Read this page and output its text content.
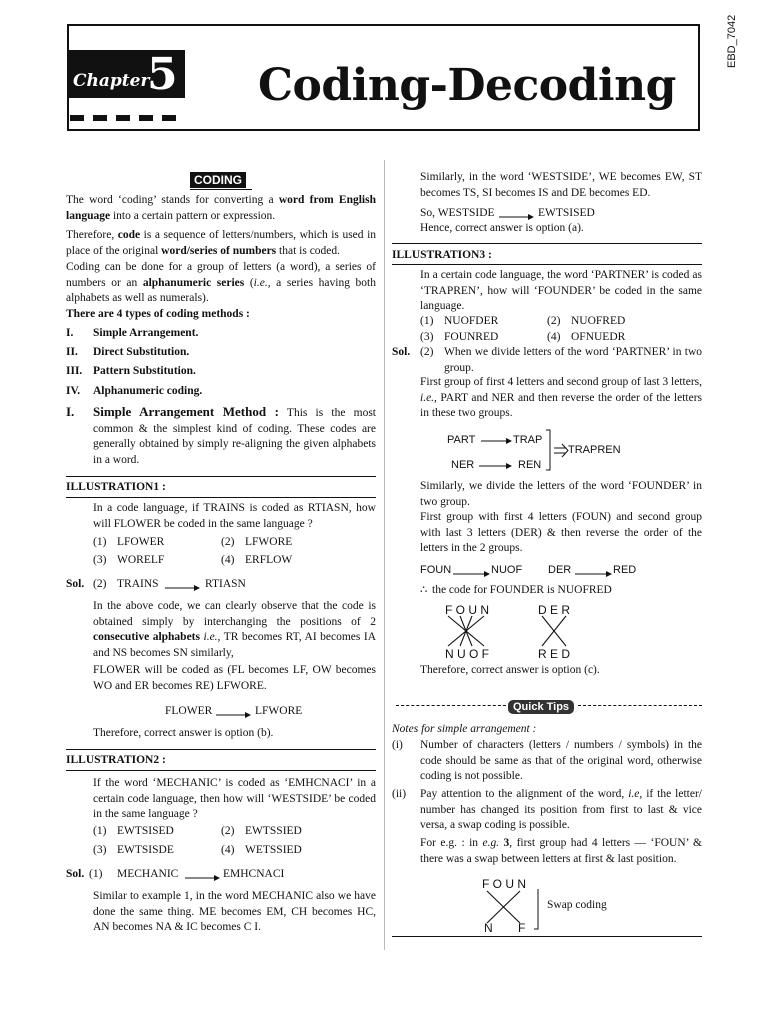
EBD_7042
Chapter
5 Coding-Decoding
CODING
The word ‘coding’ stands for converting a word from English language into a certain pattern or expression.
Therefore, code is a sequence of letters/numbers, which is used in place of the original word/series of numbers that is coded.
Coding can be done for a group of letters (a word), a series of numbers or an alphanumeric series (i.e., a series having both alphabets as well as numerals).
There are 4 types of coding methods :
I. Simple Arrangement.
II. Direct Substitution.
III. Pattern Substitution.
IV. Alphanumeric coding.
I. Simple Arrangement Method : This is the most common & the simplest kind of coding. These codes are generally obtained by simply re-aligning the given alphabets in a word.
ILLUSTRATION1 :
In a code language, if TRAINS is coded as RTIASN, how will FLOWER be coded in the same language ?
(1) LFOWER	(2) LFWORE
(3) WORELF	(4) ERFLOW
Sol. (2) TRAINS	RTIASN
In the above code, we can clearly observe that the code is obtained simply by interchanging the positions of 2 consecutive alphabets i.e., TR becomes RT, AI becomes IA and NS becomes SN similarly,
FLOWER will be coded as (FL becomes LF, OW becomes WO and ER becomes RE) LFWORE.
FLOWER	LFWORE
Therefore, correct answer is option (b).
ILLUSTRATION2 :
If the word ‘MECHANIC’ is coded as ‘EMHCNACI’ in a certain code language, then how will ‘WESTSIDE’ be coded in the same language ?
(1) EWTSISED	(2) EWTSSIED
(3) EWTSISDE	(4) WETSSIED
Sol. (1) MECHANIC	EMHCNACI
Similar to example 1, in the word MECHANIC also we have done the same thing. ME becomes EM, CH becomes HC, AN becomes NA & IC becomes C I.
Similarly, in the word ‘WESTSIDE’, WE becomes EW, ST becomes TS, SI becomes IS and DE becomes ED.
So, WESTSIDE	EWTSISED
Hence, correct answer is option (a).
ILLUSTRATION3 :
In a certain code language, the word ‘PARTNER’ is coded as ‘TRAPREN’, how will ‘FOUNDER’ be coded in the same language.
(1) NUOFDER	(2) NUOFRED
(3) FOUNRED	(4) OFNUEDR
Sol. (2) When we divide letters of the word ‘PARTNER’ in two group.
First group of first 4 letters and second group of last 3 letters, i.e., PART and NER and then reverse the order of the letters in these two groups.
PART	TRAP
NER	REN
TRAPREN
Similarly, we divide the letters of the word ‘FOUNDER’ in two group.
First group with first 4 letters (FOUN) and second group with last 3 letters (DER) & then reverse the order of the letters in the 2 groups.
FOUN	NUOF DER	RED
∴ the code for FOUNDER is NUOFRED
F O U N
N U O F
D E R
R E D
Therefore, correct answer is option (c).
Quick Tips
Notes for simple arrangement :
(i) Number of characters (letters / numbers / symbols) in the code should be same as that of the original word, otherwise coding is not possible.
(ii) Pay attention to the alignment of the word, i.e, if the letter/ number has changed its position from first to last & vice versa, a swap coding is possible.
For e.g. : in e.g. 3, first group had 4 letters — ‘FOUN’ & there was a swap between letters at first & last position.
F O U N
N F
Swap coding
